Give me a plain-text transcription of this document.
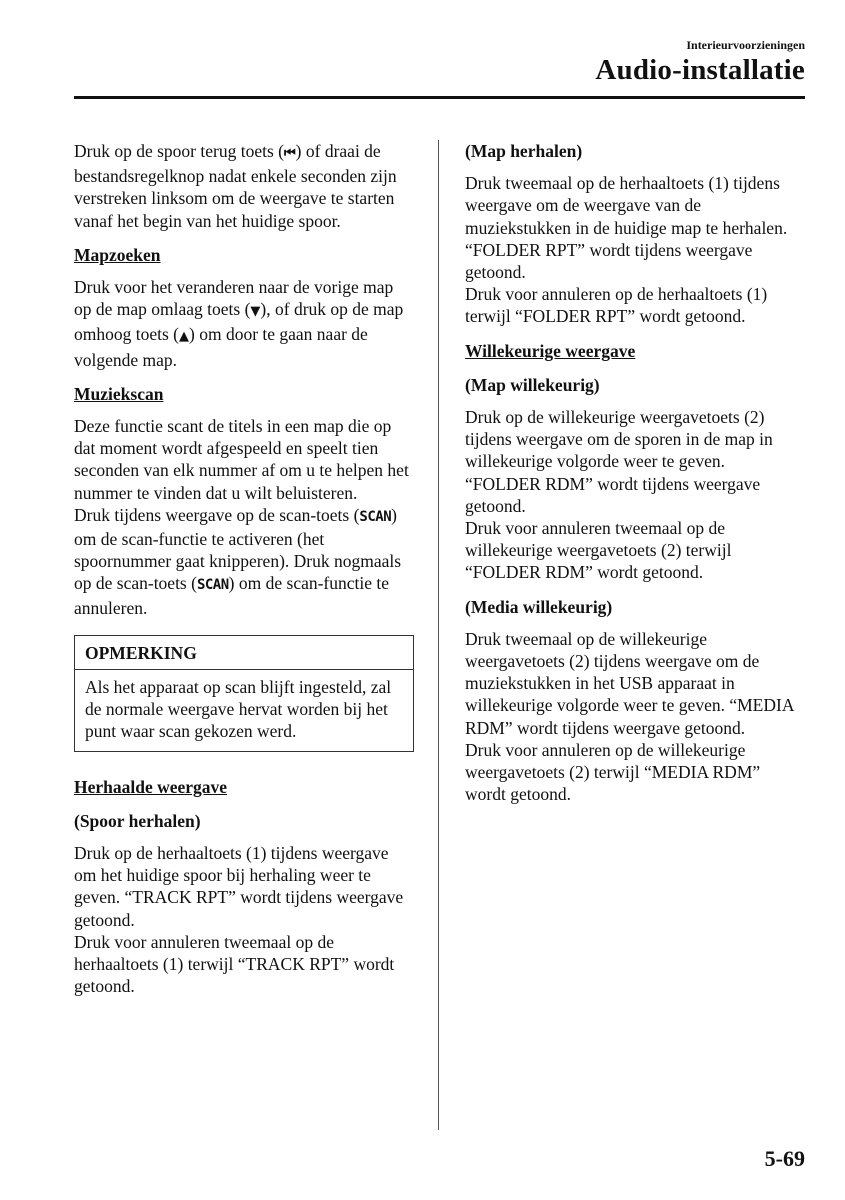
Interieurvoorzieningen
Audio-installatie

Druk op de spoor terug toets (⏮) of draai de bestandsregelknop nadat enkele seconden zijn verstreken linksom om de weergave te starten vanaf het begin van het huidige spoor.

Mapzoeken

Druk voor het veranderen naar de vorige map op de map omlaag toets (▼), of druk op de map omhoog toets (▲) om door te gaan naar de volgende map.

Muziekscan

Deze functie scant de titels in een map die op dat moment wordt afgespeeld en speelt tien seconden van elk nummer af om u te helpen het nummer te vinden dat u wilt beluisteren.

Druk tijdens weergave op de scan-toets (SCAN) om de scan-functie te activeren (het spoornummer gaat knipperen). Druk nogmaals op de scan-toets (SCAN) om de scan-functie te annuleren.

OPMERKING
Als het apparaat op scan blijft ingesteld, zal de normale weergave hervat worden bij het punt waar scan gekozen werd.

Herhaalde weergave

(Spoor herhalen)

Druk op de herhaaltoets (1) tijdens weergave om het huidige spoor bij herhaling weer te geven. “TRACK RPT” wordt tijdens weergave getoond.

Druk voor annuleren tweemaal op de herhaaltoets (1) terwijl “TRACK RPT” wordt getoond.

(Map herhalen)

Druk tweemaal op de herhaaltoets (1) tijdens weergave om de weergave van de muziekstukken in de huidige map te herhalen. “FOLDER RPT” wordt tijdens weergave getoond.

Druk voor annuleren op de herhaaltoets (1) terwijl “FOLDER RPT” wordt getoond.

Willekeurige weergave

(Map willekeurig)

Druk op de willekeurige weergavetoets (2) tijdens weergave om de sporen in de map in willekeurige volgorde weer te geven. “FOLDER RDM” wordt tijdens weergave getoond.

Druk voor annuleren tweemaal op de willekeurige weergavetoets (2) terwijl “FOLDER RDM” wordt getoond.

(Media willekeurig)

Druk tweemaal op de willekeurige weergavetoets (2) tijdens weergave om de muziekstukken in het USB apparaat in willekeurige volgorde weer te geven. “MEDIA RDM” wordt tijdens weergave getoond.

Druk voor annuleren op de willekeurige weergavetoets (2) terwijl “MEDIA RDM” wordt getoond.

5-69
